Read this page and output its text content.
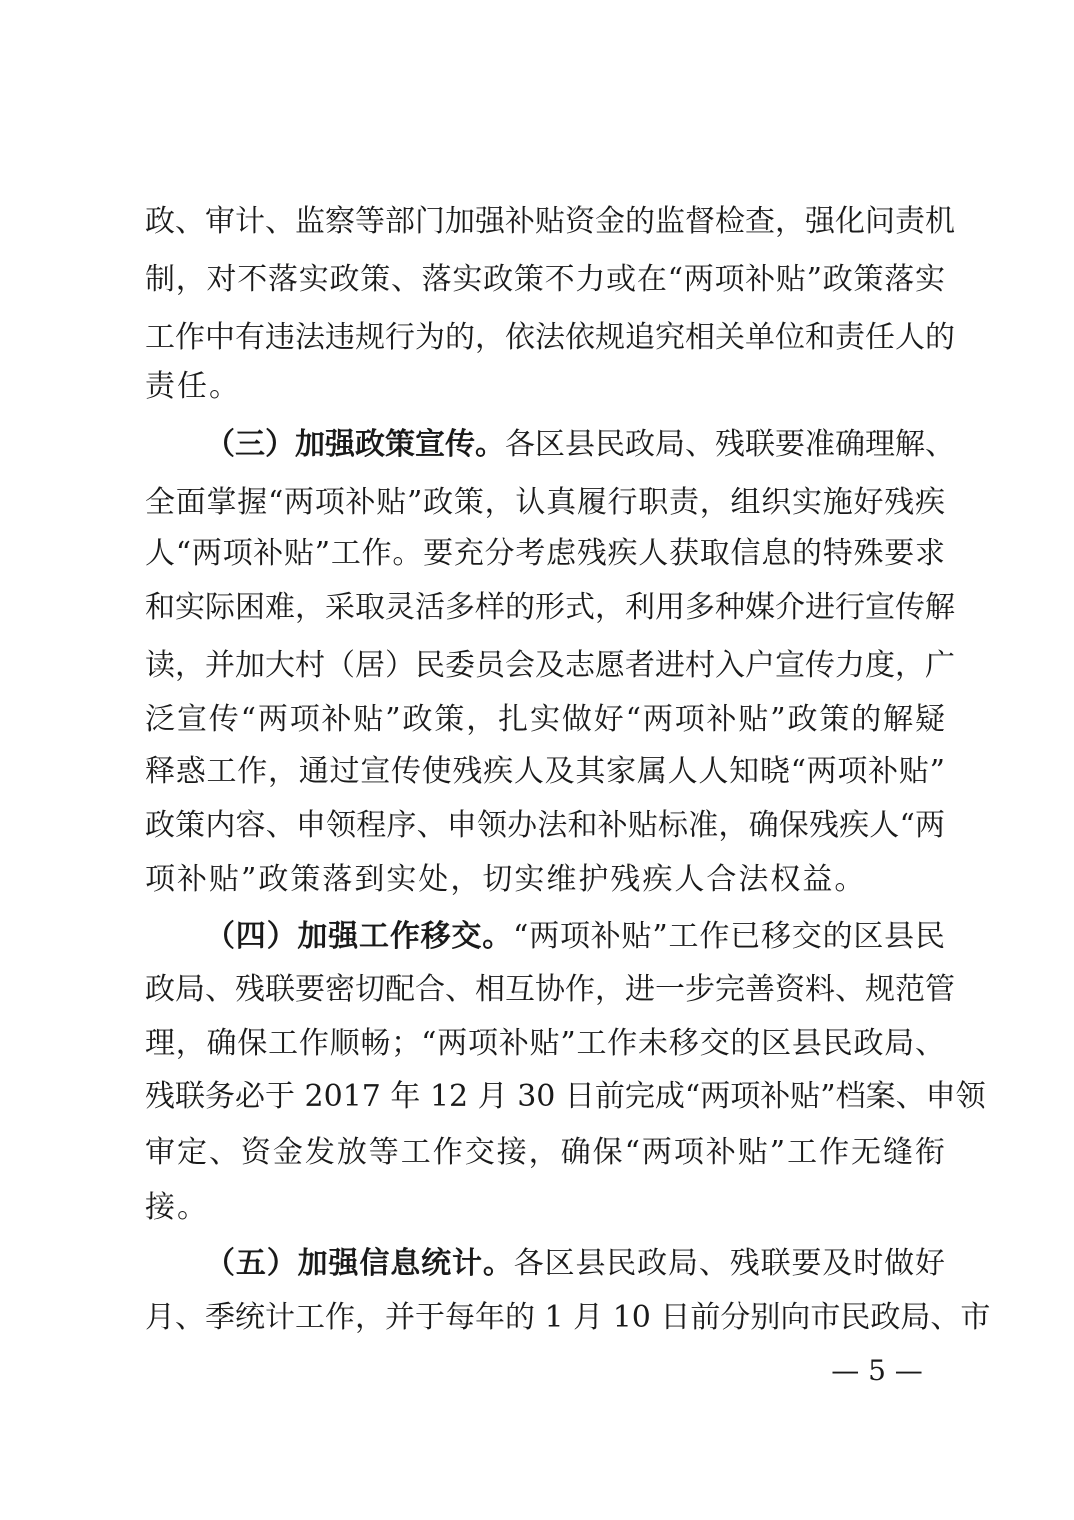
政、审计、监察等部门加强补贴资金的监督检查，强化问责机
制，对不落实政策、落实政策不力或在“两项补贴”政策落实
工作中有违法违规行为的，依法依规追究相关单位和责任人的
责任。
（三）加强政策宣传。各区县民政局、残联要准确理解、
全面掌握“两项补贴”政策，认真履行职责，组织实施好残疾
人“两项补贴”工作。要充分考虑残疾人获取信息的特殊要求
和实际困难，采取灵活多样的形式，利用多种媒介进行宣传解
读，并加大村（居）民委员会及志愿者进村入户宣传力度，广
泛宣传“两项补贴”政策，扎实做好“两项补贴”政策的解疑
释惑工作，通过宣传使残疾人及其家属人人知晓“两项补贴”
政策内容、申领程序、申领办法和补贴标准，确保残疾人“两
项补贴”政策落到实处，切实维护残疾人合法权益。
（四）加强工作移交。“两项补贴”工作已移交的区县民
政局、残联要密切配合、相互协作，进一步完善资料、规范管
理，确保工作顺畅；“两项补贴”工作未移交的区县民政局、
残联务必于 2017 年 12 月 30 日前完成“两项补贴”档案、申领
审定、资金发放等工作交接，确保“两项补贴”工作无缝衔
接。
（五）加强信息统计。各区县民政局、残联要及时做好
月、季统计工作，并于每年的 1 月 10 日前分别向市民政局、市
— 5 —
